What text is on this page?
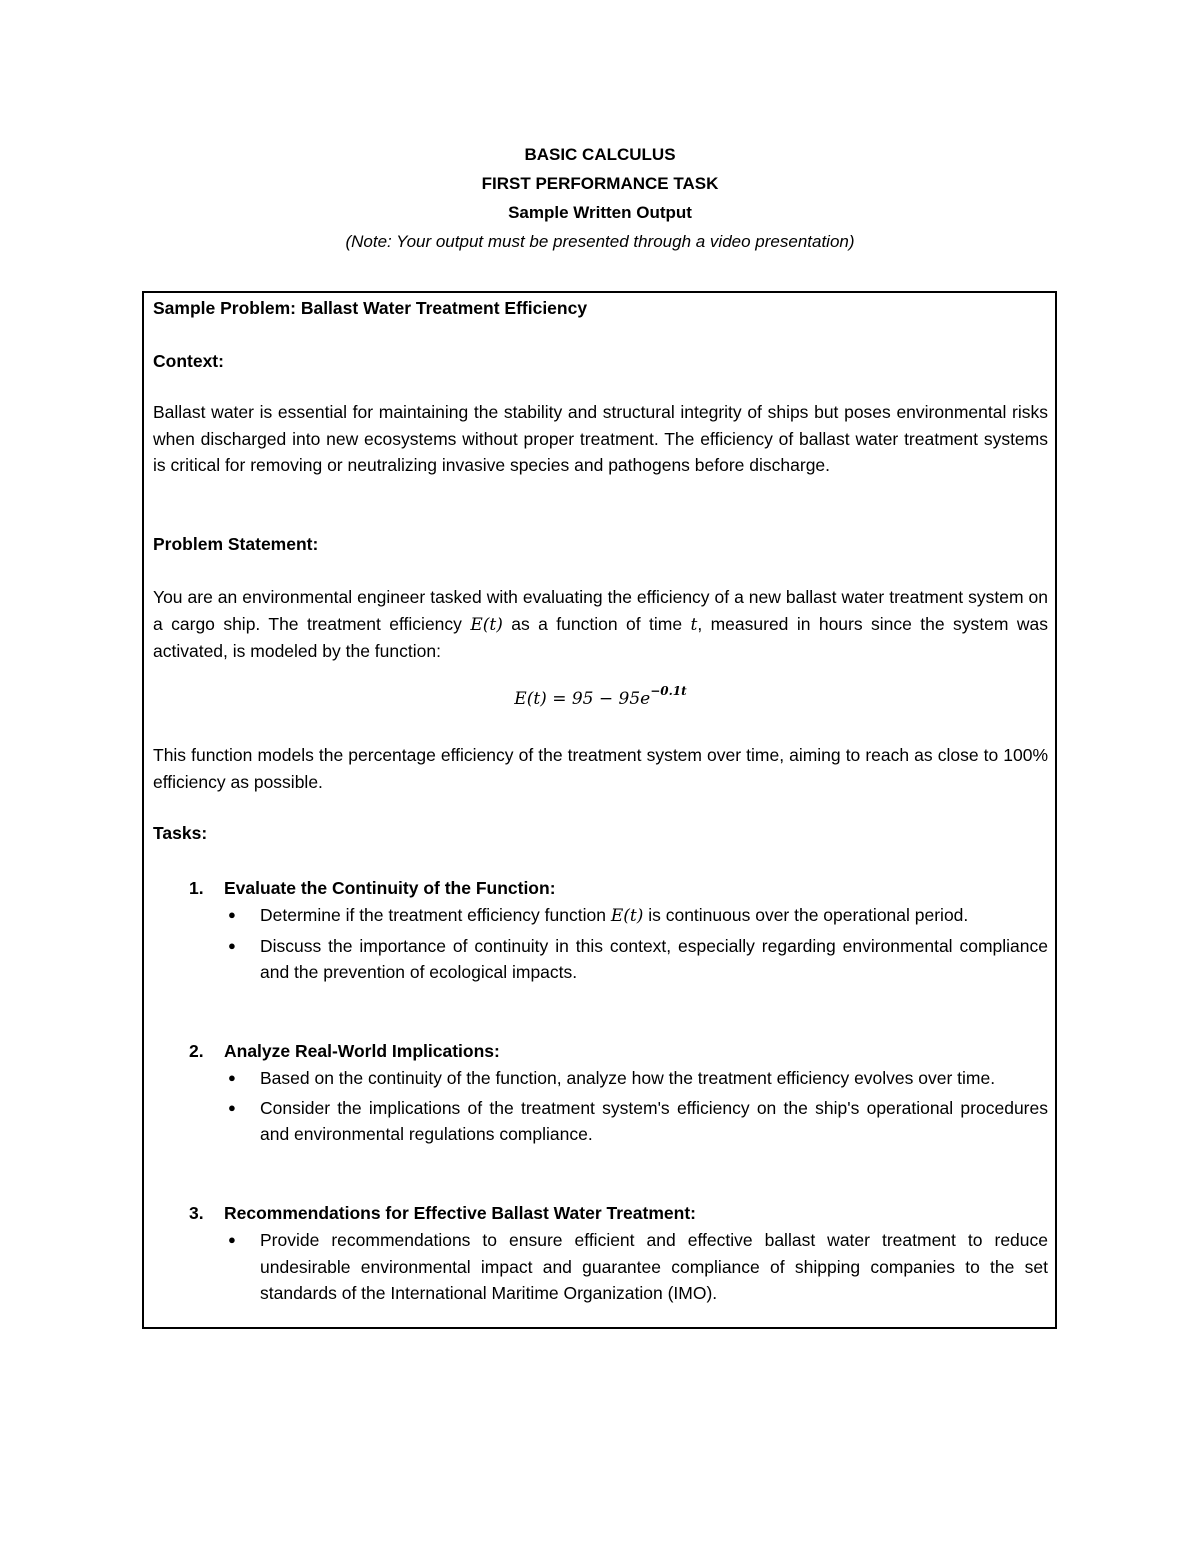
BASIC CALCULUS
FIRST PERFORMANCE TASK
Sample Written Output
(Note: Your output must be presented through a video presentation)
Sample Problem: Ballast Water Treatment Efficiency
Context:

Ballast water is essential for maintaining the stability and structural integrity of ships but poses environmental risks when discharged into new ecosystems without proper treatment. The efficiency of ballast water treatment systems is critical for removing or neutralizing invasive species and pathogens before discharge.

Problem Statement:

You are an environmental engineer tasked with evaluating the efficiency of a new ballast water treatment system on a cargo ship. The treatment efficiency E(t) as a function of time t, measured in hours since the system was activated, is modeled by the function:

$E(t) = 95 - 95e^{-0.1t}$

This function models the percentage efficiency of the treatment system over time, aiming to reach as close to 100% efficiency as possible.

Tasks:
1. Evaluate the Continuity of the Function:
● Determine if the treatment efficiency function E(t) is continuous over the operational period.
● Discuss the importance of continuity in this context, especially regarding environmental compliance and the prevention of ecological impacts.
2. Analyze Real-World Implications:
● Based on the continuity of the function, analyze how the treatment efficiency evolves over time.
● Consider the implications of the treatment system's efficiency on the ship's operational procedures and environmental regulations compliance.
3. Recommendations for Effective Ballast Water Treatment:
● Provide recommendations to ensure efficient and effective ballast water treatment to reduce undesirable environmental impact and guarantee compliance of shipping companies to the set standards of the International Maritime Organization (IMO).
